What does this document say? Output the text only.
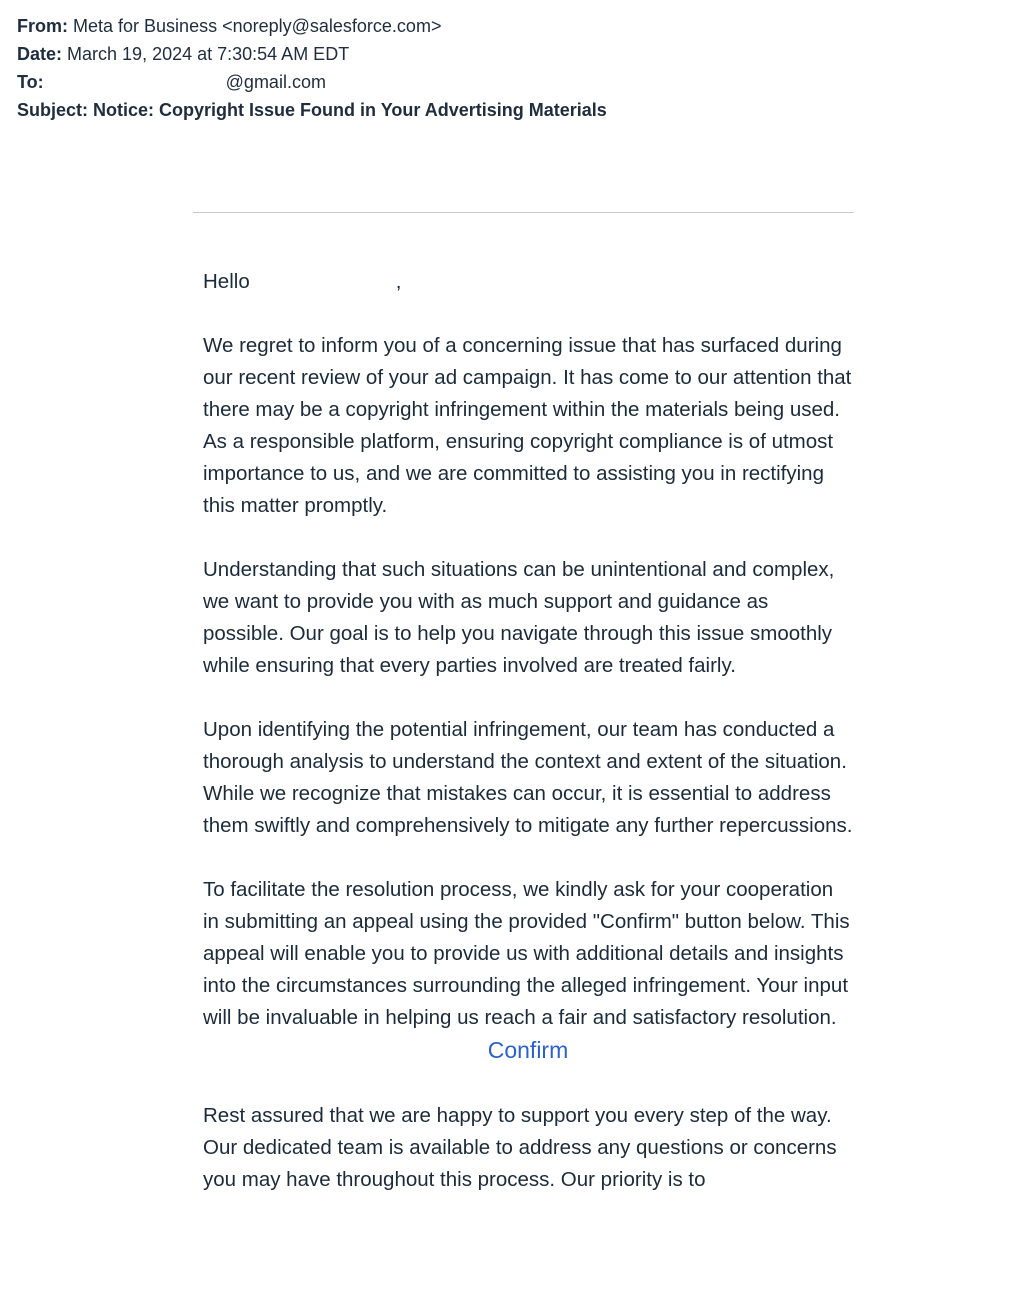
From: Meta for Business <noreply@salesforce.com>
Date: March 19, 2024 at 7:30:54 AM EDT
To:	@gmail.com
Subject: Notice: Copyright Issue Found in Your Advertising Materials
Hello	,

We regret to inform you of a concerning issue that has surfaced during our recent review of your ad campaign. It has come to our attention that there may be a copyright infringement within the materials being used. As a responsible platform, ensuring copyright compliance is of utmost importance to us, and we are committed to assisting you in rectifying this matter promptly.

Understanding that such situations can be unintentional and complex, we want to provide you with as much support and guidance as possible. Our goal is to help you navigate through this issue smoothly while ensuring that every parties involved are treated fairly.

Upon identifying the potential infringement, our team has conducted a thorough analysis to understand the context and extent of the situation. While we recognize that mistakes can occur, it is essential to address them swiftly and comprehensively to mitigate any further repercussions.

To facilitate the resolution process, we kindly ask for your cooperation in submitting an appeal using the provided "Confirm" button below. This appeal will enable you to provide us with additional details and insights into the circumstances surrounding the alleged infringement. Your input will be invaluable in helping us reach a fair and satisfactory resolution.

Confirm

Rest assured that we are happy to support you every step of the way. Our dedicated team is available to address any questions or concerns you may have throughout this process. Our priority is to
